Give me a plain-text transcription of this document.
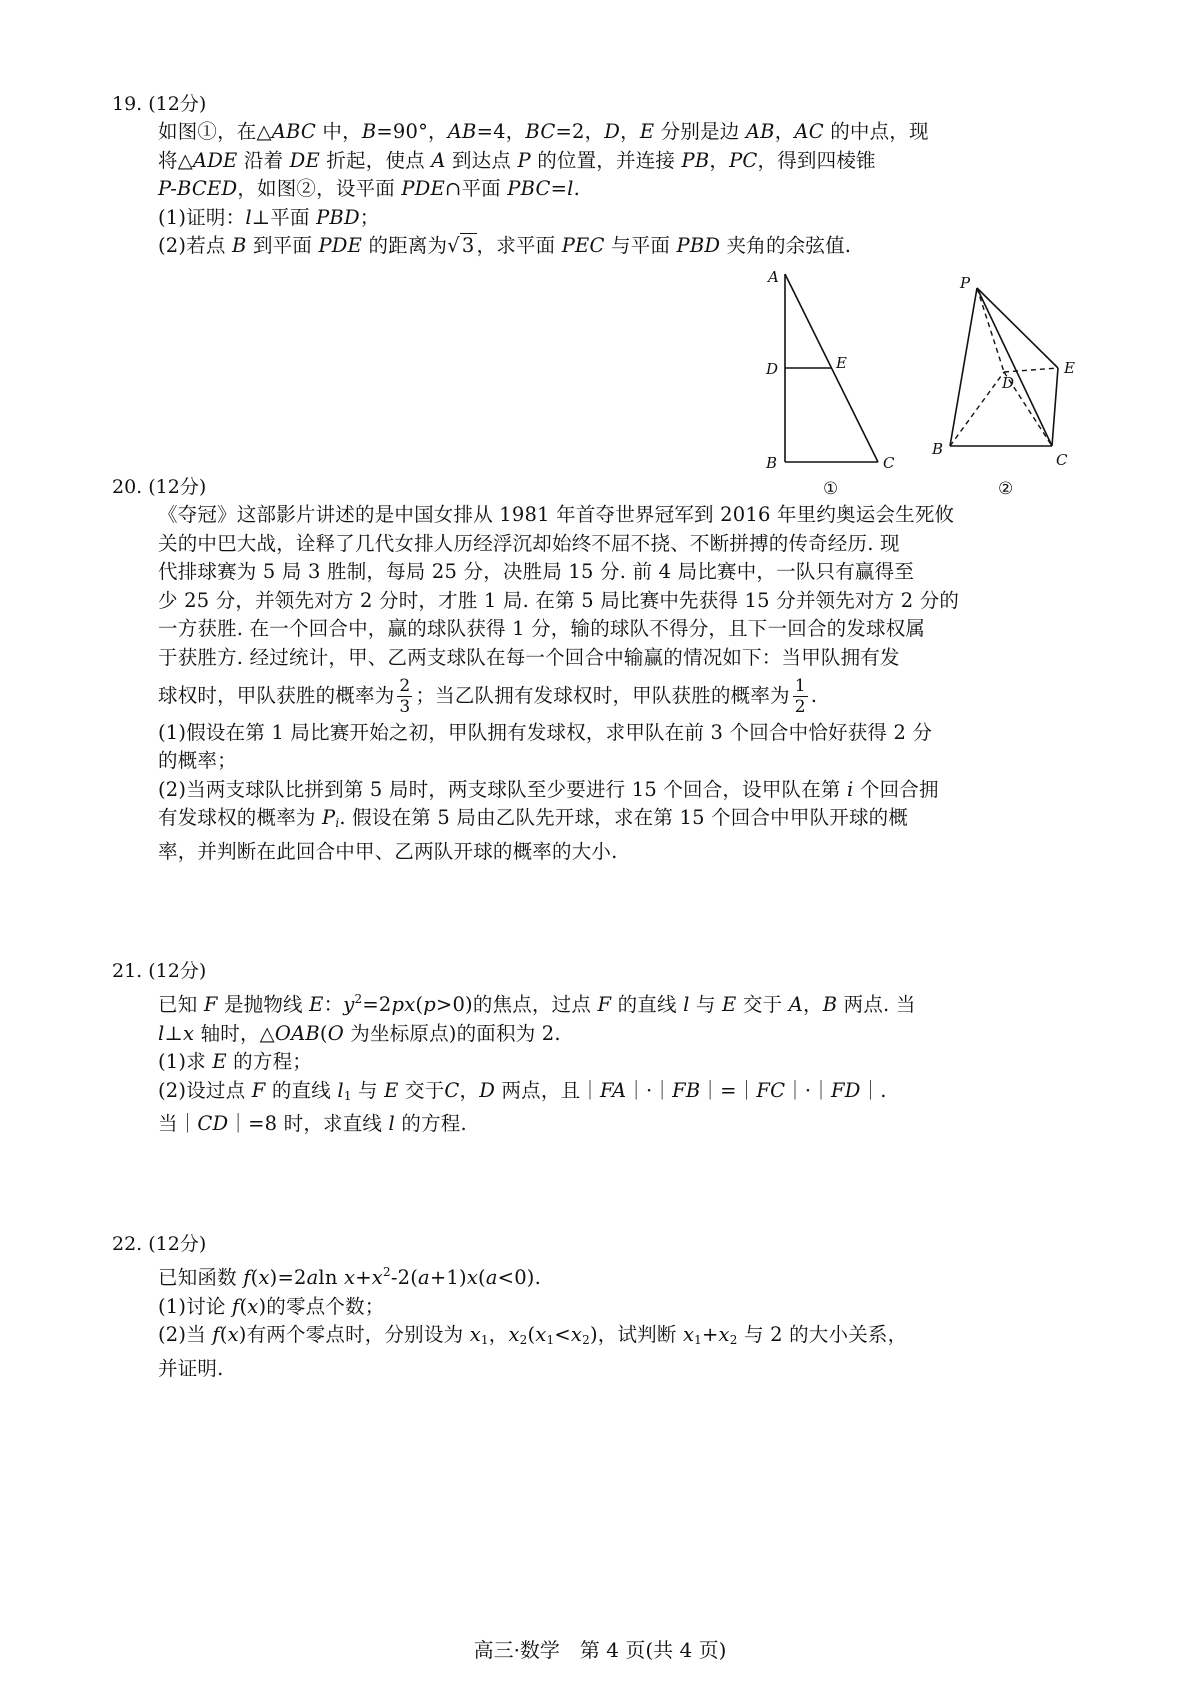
19. (12分)
如图①，在△ABC 中，B=90°，AB=4，BC=2，D，E 分别是边 AB，AC 的中点，现
将△ADE 沿着 DE 折起，使点 A 到达点 P 的位置，并连接 PB，PC，得到四棱锥
P-BCED，如图②，设平面 PDE∩平面 PBC=l.
(1)证明：l⊥平面 PBD；
(2)若点 B 到平面 PDE 的距离为√ 3 ，求平面 PEC 与平面 PBD 夹角的余弦值.
A
D	E
B	C
①
P
D
E
B
C
②
20. (12分)
《夺冠》这部影片讲述的是中国女排从 1981 年首夺世界冠军到 2016 年里约奥运会生死攸
关的中巴大战，诠释了几代女排人历经浮沉却始终不屈不挠、不断拼搏的传奇经历. 现
代排球赛为 5 局 3 胜制，每局 25 分，决胜局 15 分. 前 4 局比赛中，一队只有赢得至
少 25 分，并领先对方 2 分时，才胜 1 局. 在第 5 局比赛中先获得 15 分并领先对方 2 分的
一方获胜. 在一个回合中，赢的球队获得 1 分，输的球队不得分，且下一回合的发球权属
于获胜方. 经过统计，甲、乙两支球队在每一个回合中输赢的情况如下：当甲队拥有发
球权时，甲队获胜的概率为 $\frac{2}{3}$ ；当乙队拥有发球权时，甲队获胜的概率为 $\frac{1}{2}$ .
(1)假设在第 1 局比赛开始之初，甲队拥有发球权，求甲队在前 3 个回合中恰好获得 2 分
的概率；
(2)当两支球队比拼到第 5 局时，两支球队至少要进行 15 个回合，设甲队在第 i 个回合拥
有发球权的概率为 $P_i$. 假设在第 5 局由乙队先开球，求在第 15 个回合中甲队开球的概
率，并判断在此回合中甲、乙两队开球的概率的大小.
21. (12分)
已知 F 是抛物线 E：$y^2=2px(p>0)$的焦点，过点 F 的直线 l 与 E 交于 A，B 两点. 当
l⊥x 轴时，△OAB(O 为坐标原点)的面积为 2.
(1)求 E 的方程；
(2)设过点 F 的直线 $l_1$ 与 E 交于C，D 两点，且｜FA｜·｜FB｜=｜FC｜·｜FD｜.
当｜CD｜=8 时，求直线 l 的方程.
22. (12分)
已知函数 f(x)=2aln $x+x^2-2(a+1)x(a<0)$.
(1)讨论 f(x)的零点个数；
(2)当 f(x)有两个零点时，分别设为 $x_1$，$x_2(x_1<x_2)$，试判断 $x_1+x_2$ 与 2 的大小关系，
并证明.
高三·数学　第 4 页(共 4 页)
